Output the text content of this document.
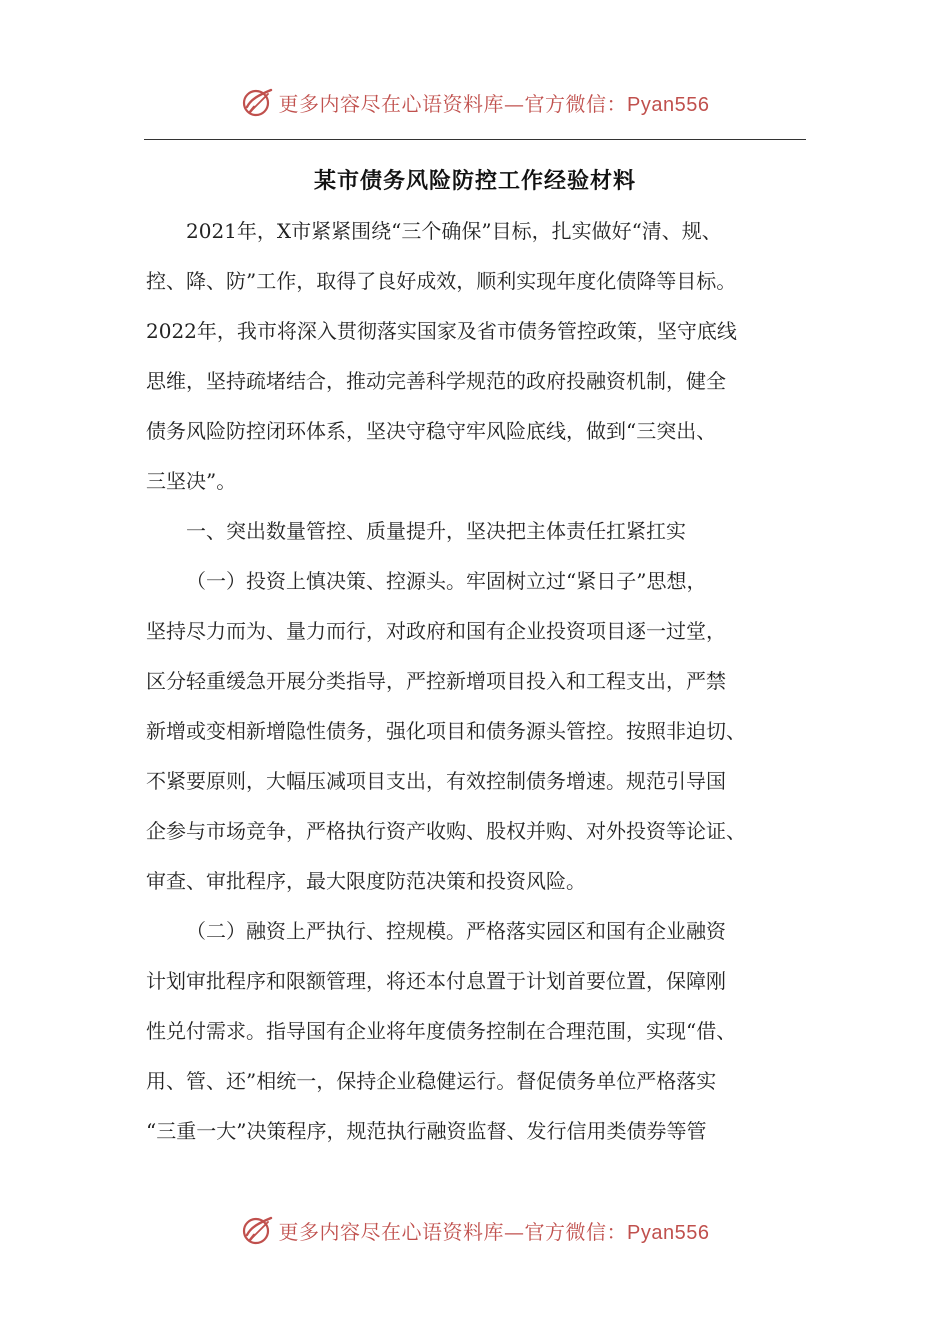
更多内容尽在心语资料库—官方微信：Pyan556
某市债务风险防控工作经验材料
2021年，X市紧紧围绕“三个确保”目标，扎实做好“清、规、
控、降、防”工作，取得了良好成效，顺利实现年度化债降等目标。
2022年，我市将深入贯彻落实国家及省市债务管控政策，坚守底线
思维，坚持疏堵结合，推动完善科学规范的政府投融资机制，健全
债务风险防控闭环体系，坚决守稳守牢风险底线，做到“三突出、
三坚决”。
一、突出数量管控、质量提升，坚决把主体责任扛紧扛实
（一）投资上慎决策、控源头。牢固树立过“紧日子”思想，
坚持尽力而为、量力而行，对政府和国有企业投资项目逐一过堂，
区分轻重缓急开展分类指导，严控新增项目投入和工程支出，严禁
新增或变相新增隐性债务，强化项目和债务源头管控。按照非迫切、
不紧要原则，大幅压减项目支出，有效控制债务增速。规范引导国
企参与市场竞争，严格执行资产收购、股权并购、对外投资等论证、
审查、审批程序，最大限度防范决策和投资风险。
（二）融资上严执行、控规模。严格落实园区和国有企业融资
计划审批程序和限额管理，将还本付息置于计划首要位置，保障刚
性兑付需求。指导国有企业将年度债务控制在合理范围，实现“借、
用、管、还”相统一，保持企业稳健运行。督促债务单位严格落实
“三重一大”决策程序，规范执行融资监督、发行信用类债券等管
更多内容尽在心语资料库—官方微信：Pyan556
